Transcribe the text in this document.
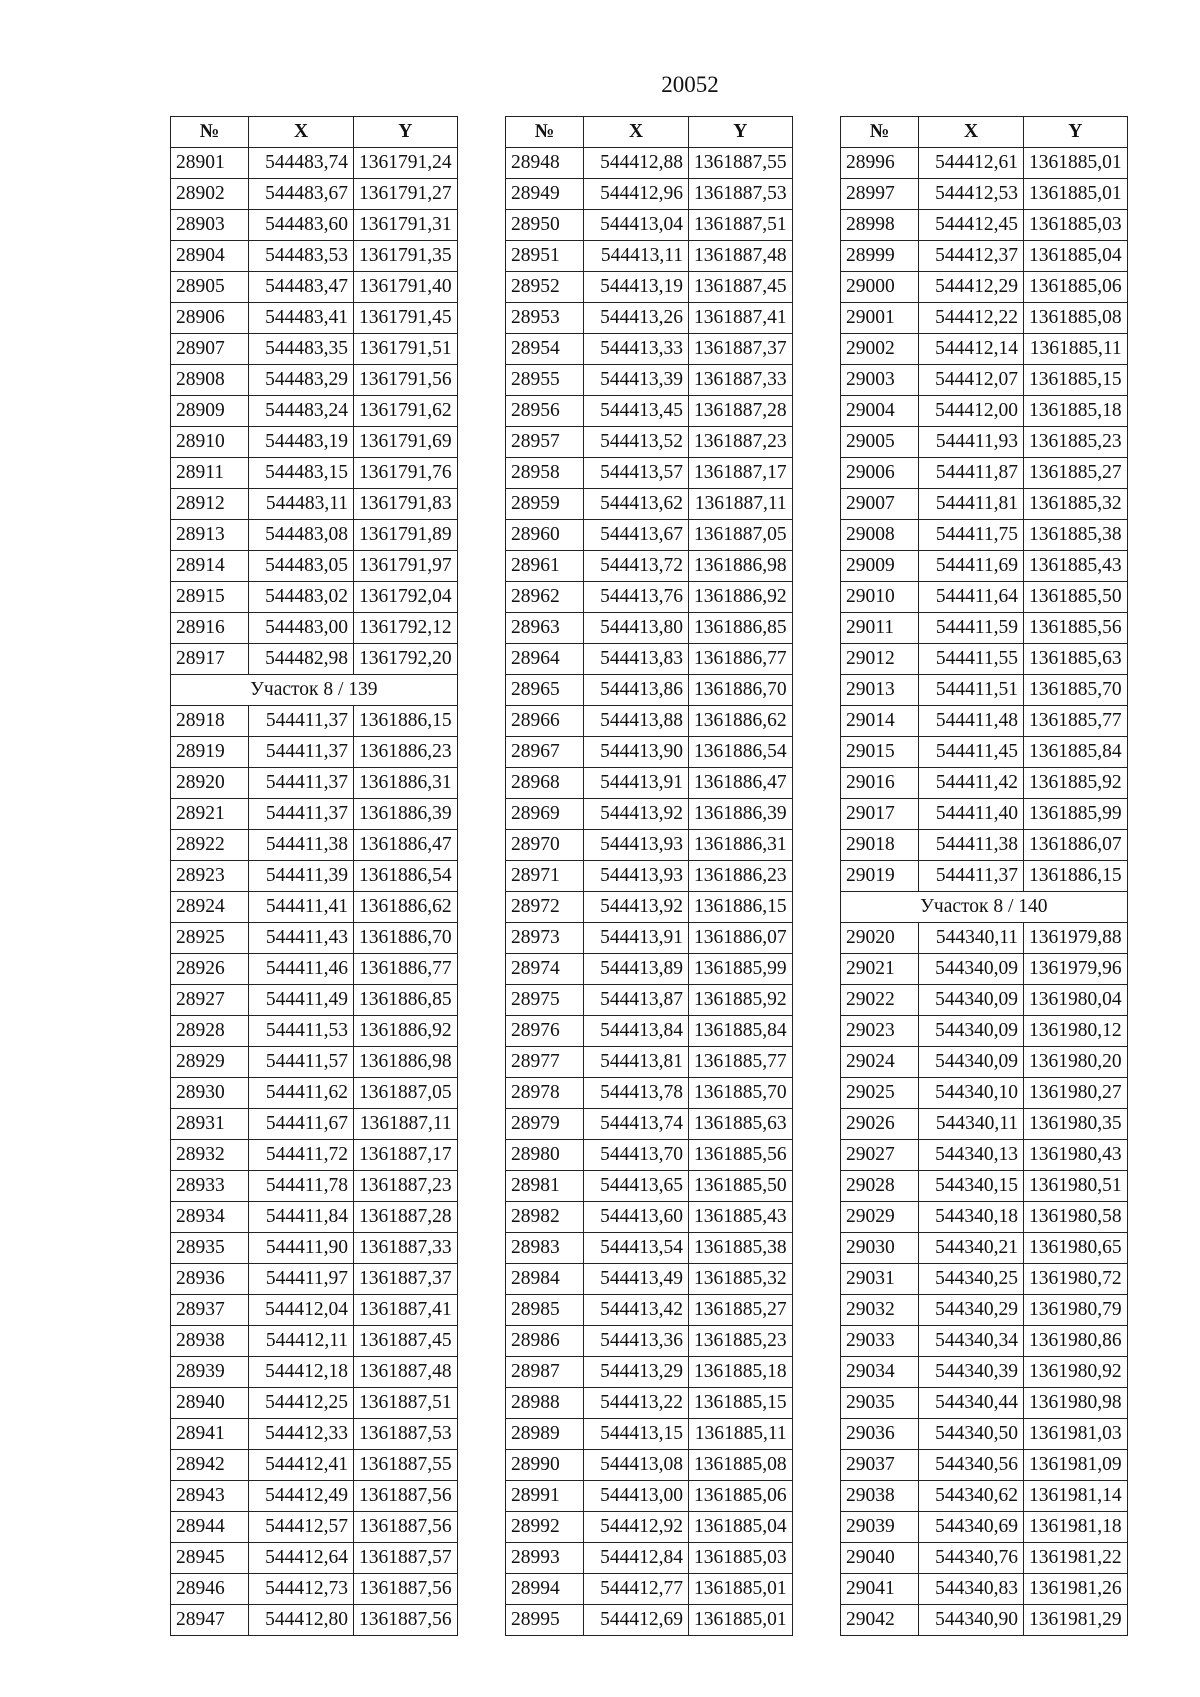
20052
№	X	Y
28901	544483,74	1361791,24
28902	544483,67	1361791,27
28903	544483,60	1361791,31
28904	544483,53	1361791,35
28905	544483,47	1361791,40
28906	544483,41	1361791,45
28907	544483,35	1361791,51
28908	544483,29	1361791,56
28909	544483,24	1361791,62
28910	544483,19	1361791,69
28911	544483,15	1361791,76
28912	544483,11	1361791,83
28913	544483,08	1361791,89
28914	544483,05	1361791,97
28915	544483,02	1361792,04
28916	544483,00	1361792,12
28917	544482,98	1361792,20
Участок 8 / 139		
28918	544411,37	1361886,15
28919	544411,37	1361886,23
28920	544411,37	1361886,31
28921	544411,37	1361886,39
28922	544411,38	1361886,47
28923	544411,39	1361886,54
28924	544411,41	1361886,62
28925	544411,43	1361886,70
28926	544411,46	1361886,77
28927	544411,49	1361886,85
28928	544411,53	1361886,92
28929	544411,57	1361886,98
28930	544411,62	1361887,05
28931	544411,67	1361887,11
28932	544411,72	1361887,17
28933	544411,78	1361887,23
28934	544411,84	1361887,28
28935	544411,90	1361887,33
28936	544411,97	1361887,37
28937	544412,04	1361887,41
28938	544412,11	1361887,45
28939	544412,18	1361887,48
28940	544412,25	1361887,51
28941	544412,33	1361887,53
28942	544412,41	1361887,55
28943	544412,49	1361887,56
28944	544412,57	1361887,56
28945	544412,64	1361887,57
28946	544412,73	1361887,56
28947	544412,80	1361887,56
№	X	Y
28948	544412,88	1361887,55
28949	544412,96	1361887,53
28950	544413,04	1361887,51
28951	544413,11	1361887,48
28952	544413,19	1361887,45
28953	544413,26	1361887,41
28954	544413,33	1361887,37
28955	544413,39	1361887,33
28956	544413,45	1361887,28
28957	544413,52	1361887,23
28958	544413,57	1361887,17
28959	544413,62	1361887,11
28960	544413,67	1361887,05
28961	544413,72	1361886,98
28962	544413,76	1361886,92
28963	544413,80	1361886,85
28964	544413,83	1361886,77
28965	544413,86	1361886,70
28966	544413,88	1361886,62
28967	544413,90	1361886,54
28968	544413,91	1361886,47
28969	544413,92	1361886,39
28970	544413,93	1361886,31
28971	544413,93	1361886,23
28972	544413,92	1361886,15
28973	544413,91	1361886,07
28974	544413,89	1361885,99
28975	544413,87	1361885,92
28976	544413,84	1361885,84
28977	544413,81	1361885,77
28978	544413,78	1361885,70
28979	544413,74	1361885,63
28980	544413,70	1361885,56
28981	544413,65	1361885,50
28982	544413,60	1361885,43
28983	544413,54	1361885,38
28984	544413,49	1361885,32
28985	544413,42	1361885,27
28986	544413,36	1361885,23
28987	544413,29	1361885,18
28988	544413,22	1361885,15
28989	544413,15	1361885,11
28990	544413,08	1361885,08
28991	544413,00	1361885,06
28992	544412,92	1361885,04
28993	544412,84	1361885,03
28994	544412,77	1361885,01
28995	544412,69	1361885,01
№	X	Y
28996	544412,61	1361885,01
28997	544412,53	1361885,01
28998	544412,45	1361885,03
28999	544412,37	1361885,04
29000	544412,29	1361885,06
29001	544412,22	1361885,08
29002	544412,14	1361885,11
29003	544412,07	1361885,15
29004	544412,00	1361885,18
29005	544411,93	1361885,23
29006	544411,87	1361885,27
29007	544411,81	1361885,32
29008	544411,75	1361885,38
29009	544411,69	1361885,43
29010	544411,64	1361885,50
29011	544411,59	1361885,56
29012	544411,55	1361885,63
29013	544411,51	1361885,70
29014	544411,48	1361885,77
29015	544411,45	1361885,84
29016	544411,42	1361885,92
29017	544411,40	1361885,99
29018	544411,38	1361886,07
29019	544411,37	1361886,15
Участок 8 / 140		
29020	544340,11	1361979,88
29021	544340,09	1361979,96
29022	544340,09	1361980,04
29023	544340,09	1361980,12
29024	544340,09	1361980,20
29025	544340,10	1361980,27
29026	544340,11	1361980,35
29027	544340,13	1361980,43
29028	544340,15	1361980,51
29029	544340,18	1361980,58
29030	544340,21	1361980,65
29031	544340,25	1361980,72
29032	544340,29	1361980,79
29033	544340,34	1361980,86
29034	544340,39	1361980,92
29035	544340,44	1361980,98
29036	544340,50	1361981,03
29037	544340,56	1361981,09
29038	544340,62	1361981,14
29039	544340,69	1361981,18
29040	544340,76	1361981,22
29041	544340,83	1361981,26
29042	544340,90	1361981,29
